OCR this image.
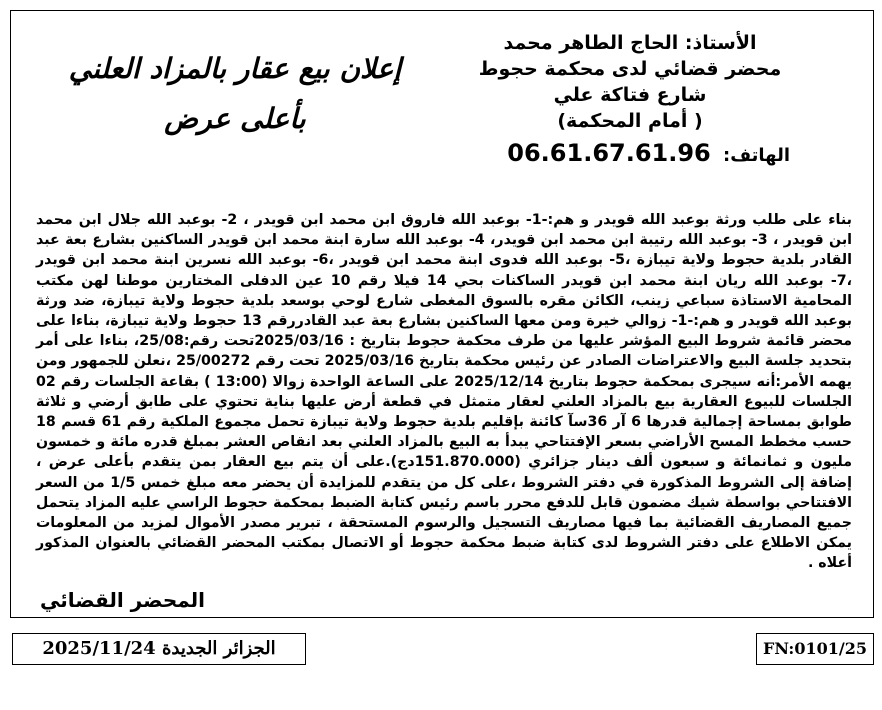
الأستاذ: الحاج الطاهر محمد
محضر قضائي لدى محكمة حجوط
شارع فتاكة علي
( أمام المحكمة)
الهاتف: 06.61.67.61.96
إعلان بيع عقار بالمزاد العلني
بأعلى عرض
بناء على طلب ورثة بوعبد الله قويدر و هم:-1- بوعبد الله فاروق ابن محمد ابن قويدر ، 2- بوعبد الله جلال ابن محمد ابن قويدر ، 3- بوعبد الله رتيبة ابن محمد ابن قويدر، 4- بوعبد الله سارة ابنة محمد ابن قويدر الساكنين بشارع بعة عبد القادر بلدية حجوط ولاية تيبازة ،5- بوعبد الله فدوى ابنة محمد ابن قويدر ،6- بوعبد الله نسرين ابنة محمد ابن قويدر ،7- بوعبد الله ريان ابنة محمد ابن قويدر الساكنات بحي 14 فيلا رقم 10 عين الدفلى المختارين موطنا لهن مكتب المحامية الاستاذة سباعي زينب، الكائن مقره بالسوق المغطى شارع لوحي بوسعد بلدية حجوط ولاية تيبازة، ضد ورثة بوعبد الله قويدر و هم:-1- زوالي خيرة ومن معها الساكنين بشارع بعة عبد القادررقم 13 حجوط ولاية تيبازة، بناءا على محضر قائمة شروط البيع المؤشر عليها من طرف محكمة حجوط بتاريخ : 2025/03/16تحت رقم:25/08، بناءا على أمر بتحديد جلسة البيع والاعتراضات الصادر عن رئيس محكمة بتاريخ 2025/03/16 تحت رقم 25/00272 ،نعلن للجمهور ومن يهمه الأمر:أنه سيجرى بمحكمة حجوط بتاريخ 2025/12/14 على الساعة الواحدة زوالا (13:00 ) بقاعة الجلسات رقم 02 الجلسات للبيوع العقارية بيع بالمزاد العلني لعقار متمثل في قطعة أرض عليها بناية تحتوي على طابق أرضي و ثلاثة طوابق بمساحة إجمالية قدرها 6 آر 36سآ كائنة بإقليم بلدية حجوط ولاية تيبازة تحمل مجموع الملكية رقم 61 قسم 18 حسب مخطط المسح الأراضي بسعر الإفتتاحي يبدأ به البيع بالمزاد العلني بعد انقاص العشر بمبلغ قدره مائة و خمسون مليون و ثمانمائة و سبعون ألف دينار جزائري (151.870.000دج).على أن يتم بيع العقار بمن يتقدم بأعلى عرض ، إضافة إلى الشروط المذكورة في دفتر الشروط ،على كل من يتقدم للمزايدة أن يحضر معه مبلغ خمس 1/5 من السعر الافتتاحي بواسطة شيك مضمون قابل للدفع محرر باسم رئيس كتابة الضبط بمحكمة حجوط الراسي عليه المزاد يتحمل جميع المصاريف القضائية بما فيها مصاريف التسجيل والرسوم المستحقة ، تبرير مصدر الأموال لمزيد من المعلومات يمكن الاطلاع على دفتر الشروط لدى كتابة ضبط محكمة حجوط أو الاتصال بمكتب المحضر القضائي بالعنوان المذكور أعلاه .
المحضر القضائي
الجزائر الجديدة 2025/11/24	FN:0101/25
